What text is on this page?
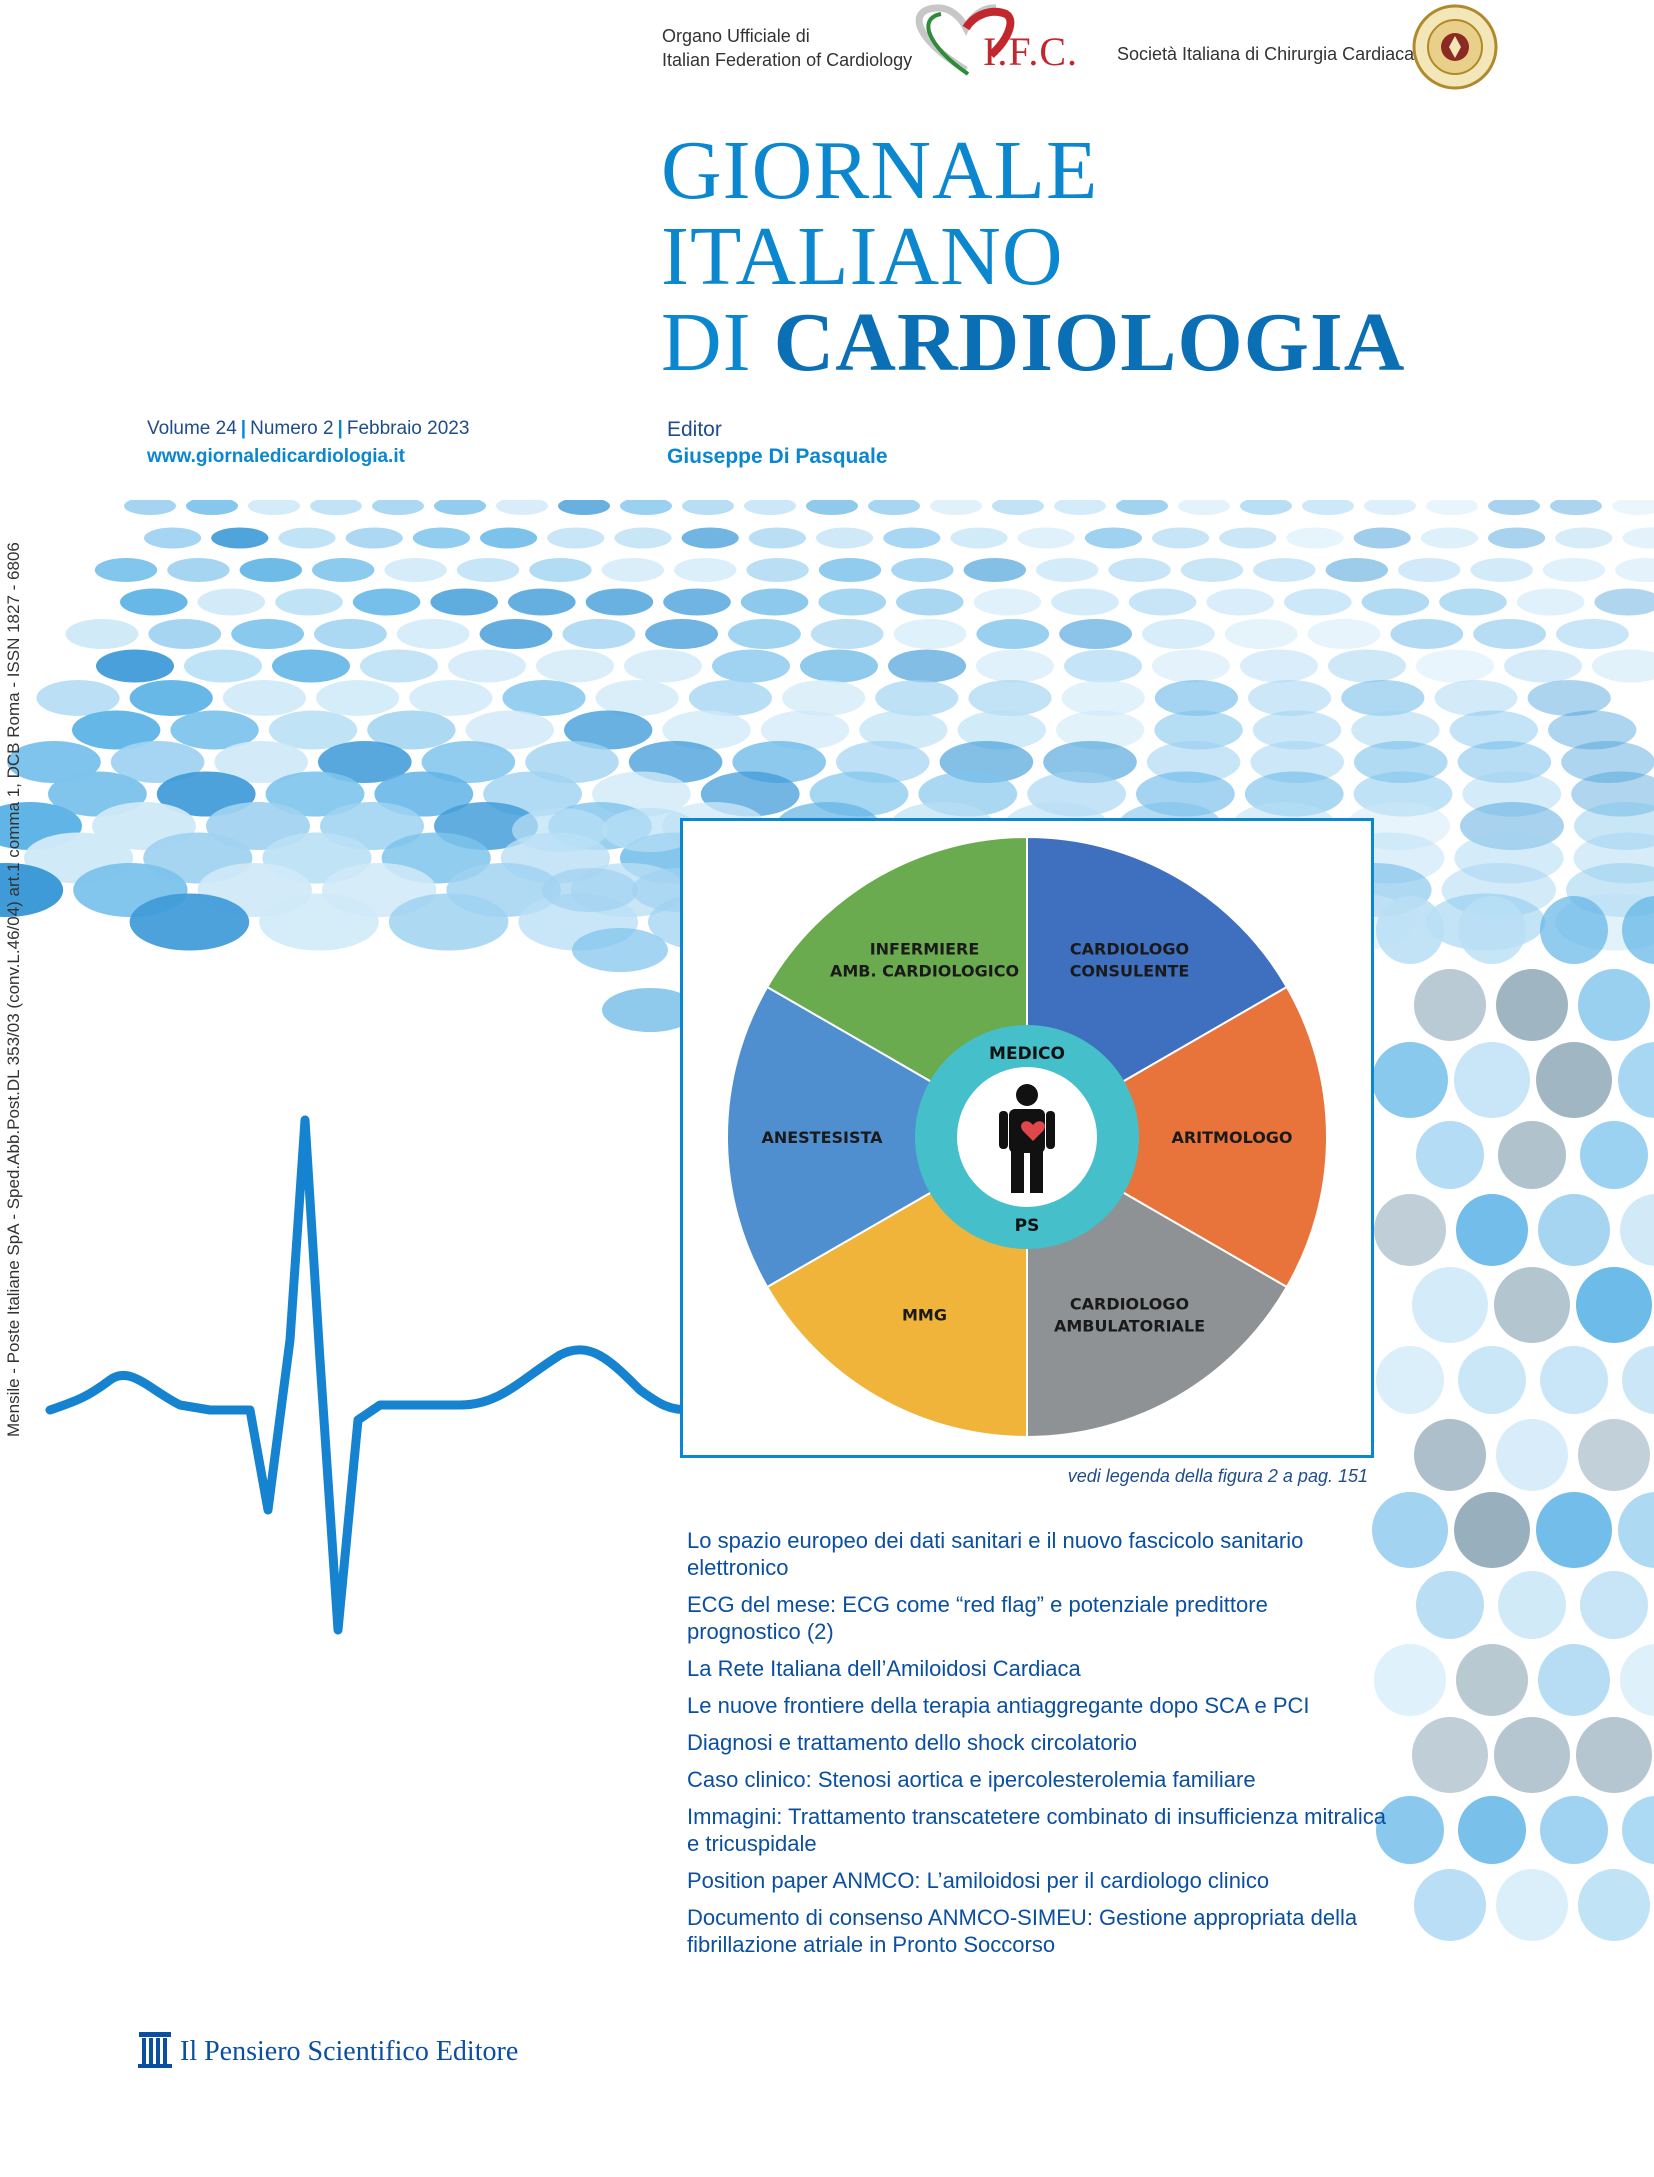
Organo Ufficiale di
Italian Federation of Cardiology I.F.C. Società Italiana di Chirurgia Cardiaca
GIORNALE
ITALIANO
DI CARDIOLOGIA
Volume 24 | Numero 2 | Febbraio 2023
www.giornaledicardiologia.it
Editor
Giuseppe Di Pasquale
Mensile - Poste Italiane SpA - Sped.Abb.Post.DL 353/03 (conv.L.46/04) art.1 comma 1, DCB Roma - ISSN 1827 - 6806	CARDIOLOGO
CONSULENTE
ARITMOLOGO
CARDIOLOGO
AMBULATORIALE
MMG
ANESTESISTA
INFERMIERE
AMB. CARDIOLOGICO
MEDICO
PS
vedi legenda della figura 2 a pag. 151
Lo spazio europeo dei dati sanitari e il nuovo fascicolo sanitario elettronico
ECG del mese: ECG come “red flag” e potenziale predittore prognostico (2)
La Rete Italiana dell’Amiloidosi Cardiaca
Le nuove frontiere della terapia antiaggregante dopo SCA e PCI
Diagnosi e trattamento dello shock circolatorio
Caso clinico: Stenosi aortica e ipercolesterolemia familiare
Immagini: Trattamento transcatetere combinato di insufficienza mitralica e tricuspidale
Position paper ANMCO: L’amiloidosi per il cardiologo clinico
Documento di consenso ANMCO-SIMEU: Gestione appropriata della fibrillazione atriale in Pronto Soccorso
Il Pensiero Scientifico Editore
